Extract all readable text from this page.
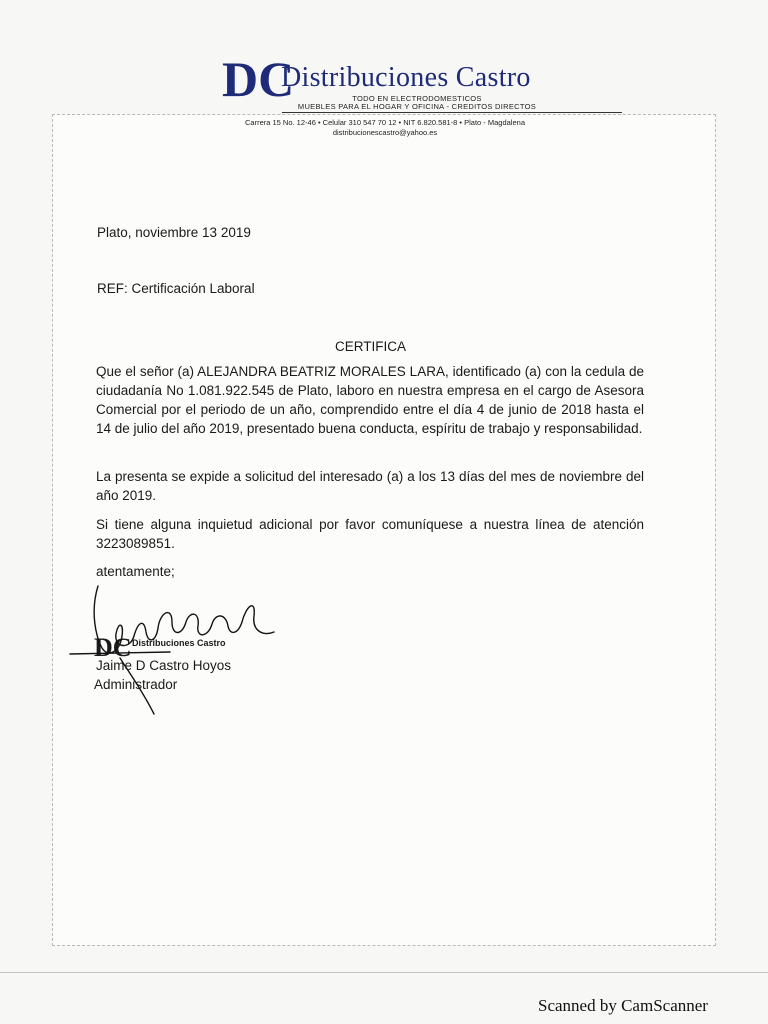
DC
Distribuciones Castro
TODO EN ELECTRODOMESTICOS
MUEBLES PARA EL HOGAR Y OFICINA - CREDITOS DIRECTOS
Carrera 15 No. 12-46 • Celular 310 547 70 12 • NIT 6.820.581-8 • Plato - Magdalena
distribucionescastro@yahoo.es
Plato, noviembre 13 2019
REF: Certificación Laboral
CERTIFICA
Que el señor (a) ALEJANDRA BEATRIZ MORALES LARA, identificado (a) con la cedula de ciudadanía No 1.081.922.545 de Plato, laboro en nuestra empresa en el cargo de Asesora Comercial por el periodo de un año, comprendido entre el día 4 de junio de 2018 hasta el 14 de julio del año 2019, presentado buena conducta, espíritu de trabajo y responsabilidad.
La presenta se expide a solicitud del interesado (a) a los 13 días del mes de noviembre del año 2019.
Si tiene alguna inquietud adicional por favor comuníquese a nuestra línea de atención 3223089851.
atentamente;
DC Distribuciones Castro
Jaime D Castro Hoyos
Administrador
Scanned by CamScanner
